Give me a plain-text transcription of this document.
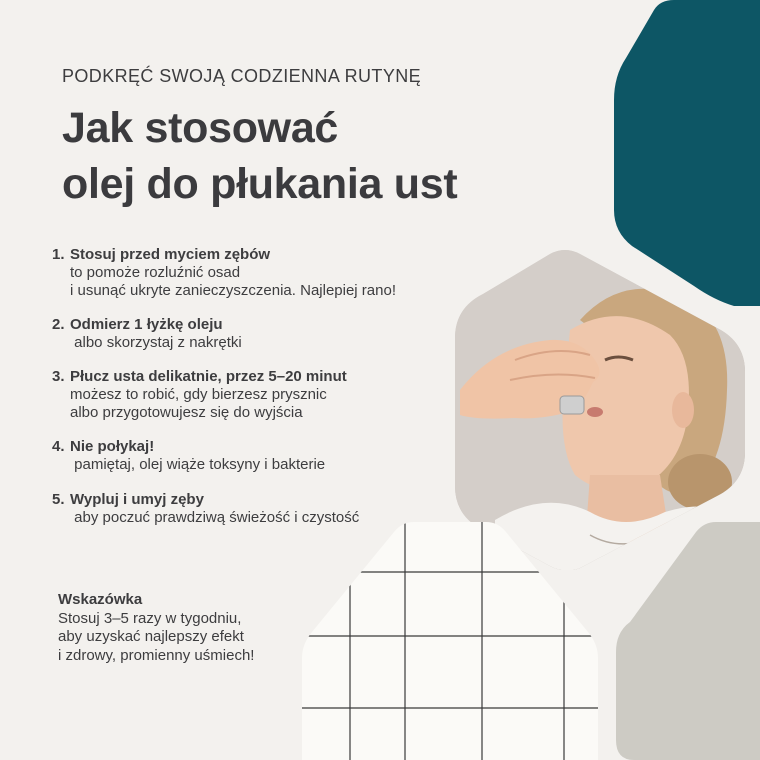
PODKRĘĆ SWOJĄ CODZIENNA RUTYNĘ
Jak stosować
olej do płukania ust
1. Stosuj przed myciem zębów
to pomoże rozluźnić osad
i usunąć ukryte zanieczyszczenia. Najlepiej rano!
2. Odmierz 1 łyżkę oleju
albo skorzystaj z nakrętki
3. Płucz usta delikatnie, przez 5–20 minut
możesz to robić, gdy bierzesz prysznic
albo przygotowujesz się do wyjścia
4. Nie połykaj!
pamiętaj, olej wiąże toksyny i bakterie
5. Wypluj i umyj zęby
aby poczuć prawdziwą świeżość i czystość
Wskazówka
Stosuj 3–5 razy w tygodniu,
aby uzyskać najlepszy efekt
i zdrowy, promienny uśmiech!
